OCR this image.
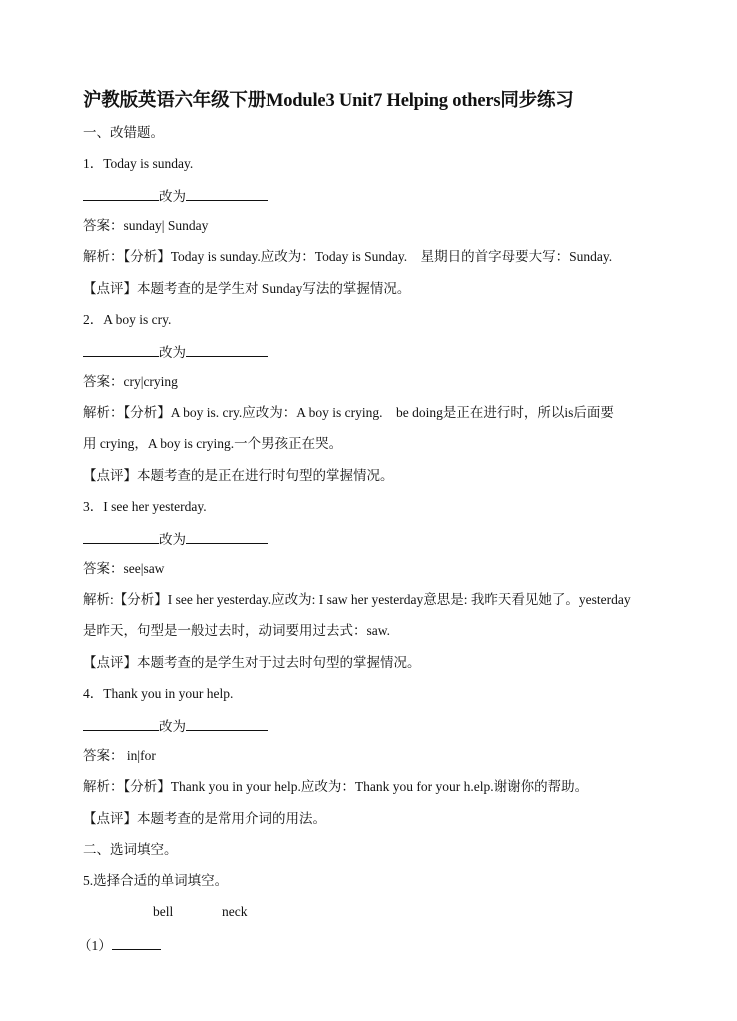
沪教版英语六年级下册Module3 Unit7 Helping others同步练习
一、改错题。
1．Today is sunday.
改为
答案：sunday| Sunday
解析：【分析】Today is sunday.应改为：Today is Sunday.　星期日的首字母要大写：Sunday.
【点评】本题考查的是学生对 Sunday写法的掌握情况。
2．A boy is cry.
改为
答案：cry|crying
解析：【分析】A boy is. cry.应改为：A boy is crying.　be doing是正在进行时，所以is后面要
用 crying，A boy is crying.一个男孩正在哭。
【点评】本题考查的是正在进行时句型的掌握情况。
3．I see her yesterday.
改为
答案：see|saw
解析:【分析】I see her yesterday.应改为: I saw her yesterday意思是: 我昨天看见她了。yesterday
是昨天，句型是一般过去时，动词要用过去式：saw.
【点评】本题考查的是学生对于过去时句型的掌握情况。
4．Thank you in your help.
改为
答案： in|for
解析：【分析】Thank you in your help.应改为：Thank you for your h.elp.谢谢你的帮助。
【点评】本题考查的是常用介词的用法。
二、选词填空。
5.选择合适的单词填空。
bell	neck
（1）
